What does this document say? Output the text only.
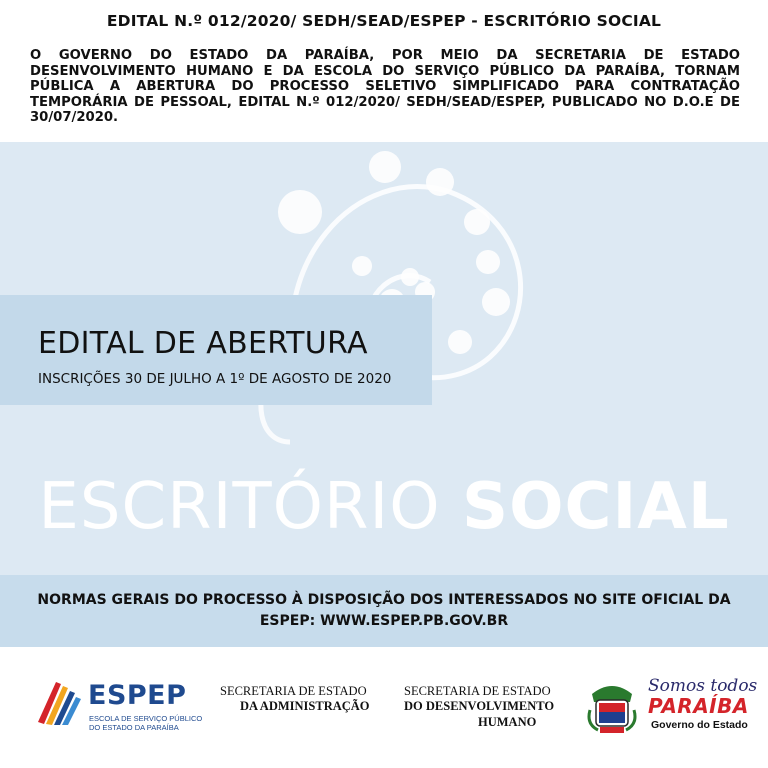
EDITAL N.º 012/2020/ SEDH/SEAD/ESPEP - ESCRITÓRIO SOCIAL
O GOVERNO DO ESTADO DA PARAÍBA, POR MEIO DA SECRETARIA DE ESTADO DESENVOLVIMENTO HUMANO E DA ESCOLA DO SERVIÇO PÚBLICO DA PARAÍBA, TORNAM PÚBLICA A ABERTURA DO PROCESSO SELETIVO SIMPLIFICADO PARA CONTRATAÇÃO TEMPORÁRIA DE PESSOAL, EDITAL N.º 012/2020/ SEDH/SEAD/ESPEP, PUBLICADO NO D.O.E DE 30/07/2020.
EDITAL DE ABERTURA
INSCRIÇÕES 30 DE JULHO A 1º DE AGOSTO DE 2020
ESCRITÓRIO SOCIAL
NORMAS GERAIS DO PROCESSO À DISPOSIÇÃO DOS INTERESSADOS NO SITE OFICIAL DA ESPEP: WWW.ESPEP.PB.GOV.BR
ESPEP
ESCOLA DE SERVIÇO PÚBLICO
DO ESTADO DA PARAÍBA
SECRETARIA DE ESTADO
DA ADMINISTRAÇÃO
SECRETARIA DE ESTADO
DO DESENVOLVIMENTO
HUMANO
Somos todos
PARAÍBA
Governo do Estado
